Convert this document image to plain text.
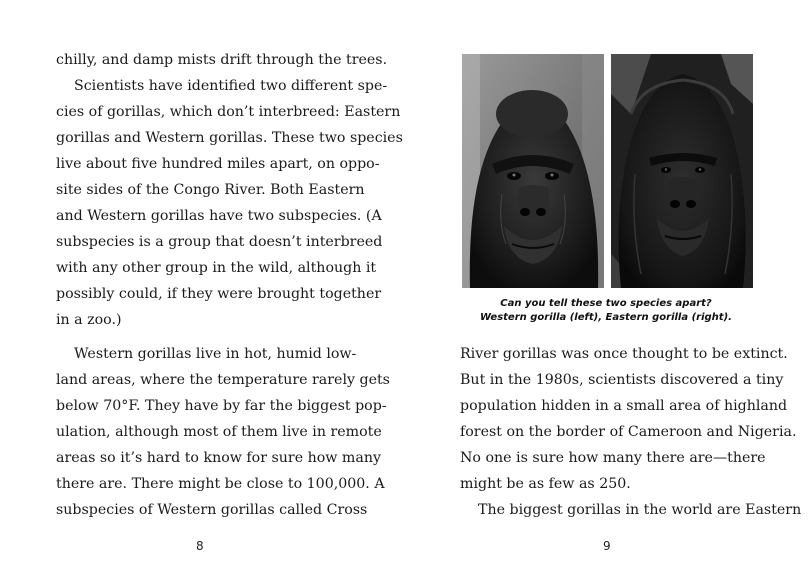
chilly, and damp mists drift through the trees.
Scientists have identified two different spe-
cies of gorillas, which don’t interbreed: Eastern
gorillas and Western gorillas. These two species
live about five hundred miles apart, on oppo-
site sides of the Congo River. Both Eastern
and Western gorillas have two subspecies. (A
subspecies is a group that doesn’t interbreed
with any other group in the wild, although it
possibly could, if they were brought together
in a zoo.)
Western gorillas live in hot, humid low-
land areas, where the temperature rarely gets
below 70°F. They have by far the biggest pop-
ulation, although most of them live in remote
areas so it’s hard to know for sure how many
there are. There might be close to 100,000. A
subspecies of Western gorillas called Cross
8
Can you tell these two species apart?
Western gorilla (left), Eastern gorilla (right).
River gorillas was once thought to be extinct.
But in the 1980s, scientists discovered a tiny
population hidden in a small area of highland
forest on the border of Cameroon and Nigeria.
No one is sure how many there are—there
might be as few as 250.
The biggest gorillas in the world are Eastern
9
